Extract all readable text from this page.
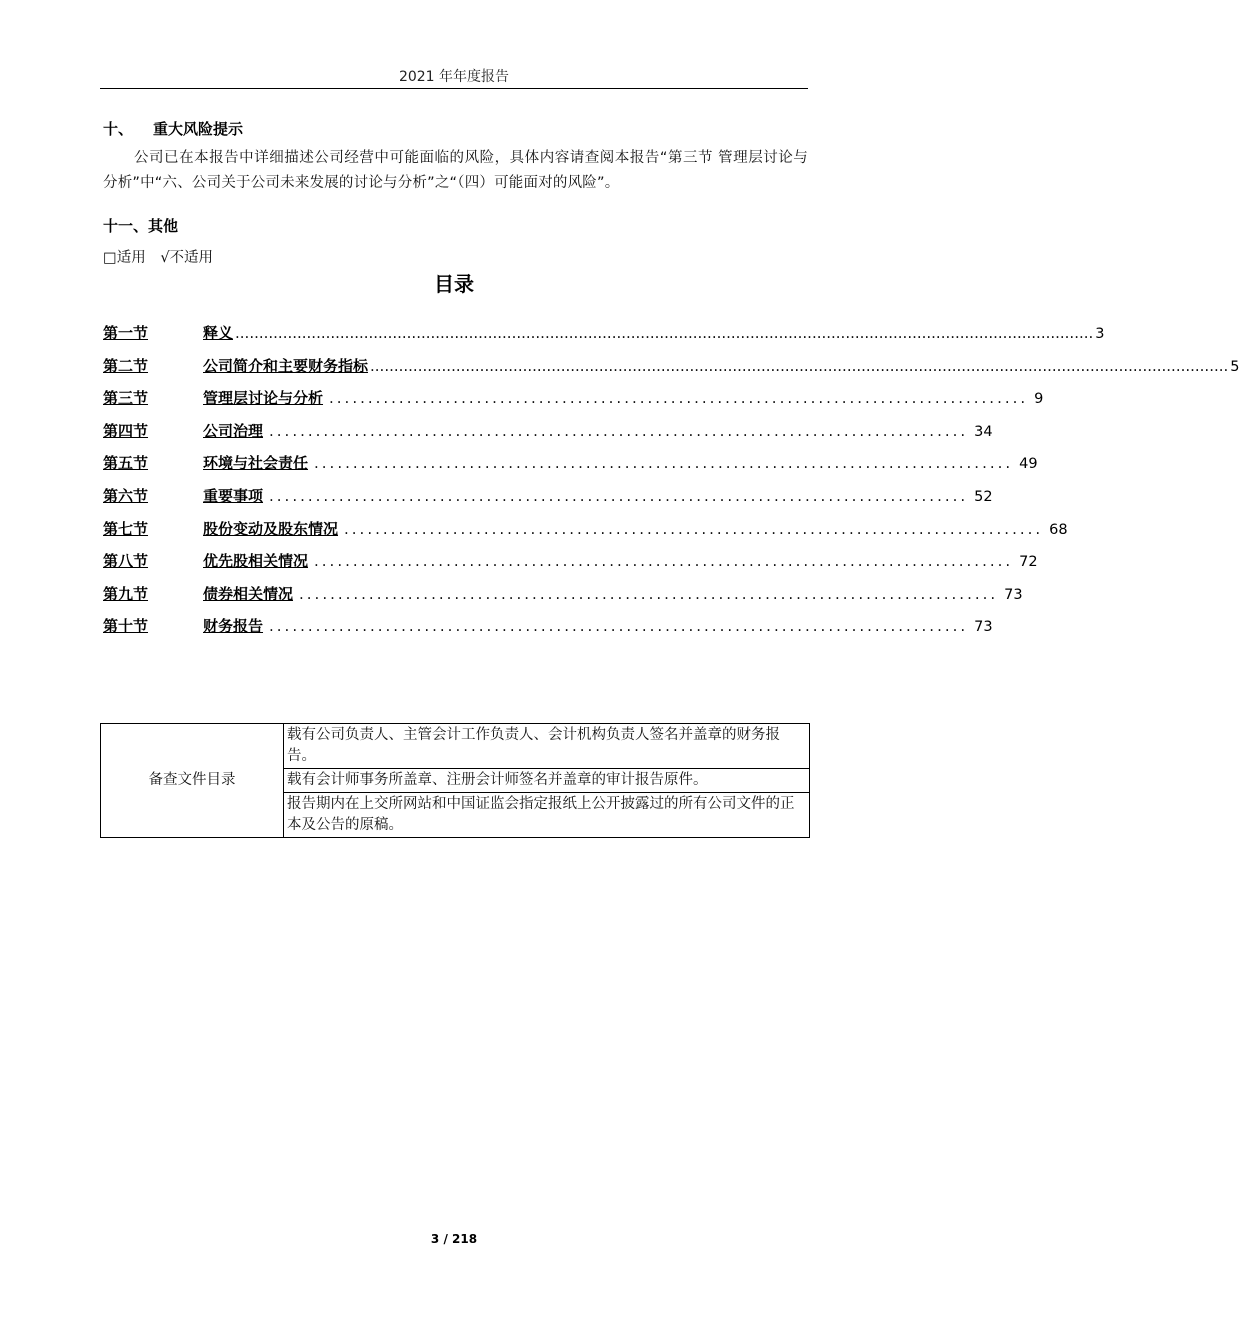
2021 年年度报告
十、 重大风险提示
公司已在本报告中详细描述公司经营中可能面临的风险，具体内容请查阅本报告“第三节 管理层讨论与分析”中“六、公司关于公司未来发展的讨论与分析”之“（四）可能面对的风险”。
十一、其他
□适用 √不适用
目录
第一节	释义 .................................................................................................................................................................................... 3
第二节	公司简介和主要财务指标 .................................................................................................................................................................................... 5
第三节	管理层讨论与分析 .......................................................................................... 9
第四节	公司治理 .......................................................................................... 34
第五节	环境与社会责任 .......................................................................................... 49
第六节	重要事项 .......................................................................................... 52
第七节	股份变动及股东情况 .......................................................................................... 68
第八节	优先股相关情况 .......................................................................................... 72
第九节	债券相关情况 .......................................................................................... 73
第十节	财务报告 .......................................................................................... 73
备查文件目录	载有公司负责人、主管会计工作负责人、会计机构负责人签名并盖章的财务报告。
载有会计师事务所盖章、注册会计师签名并盖章的审计报告原件。
报告期内在上交所网站和中国证监会指定报纸上公开披露过的所有公司文件的正本及公告的原稿。
3 / 218
